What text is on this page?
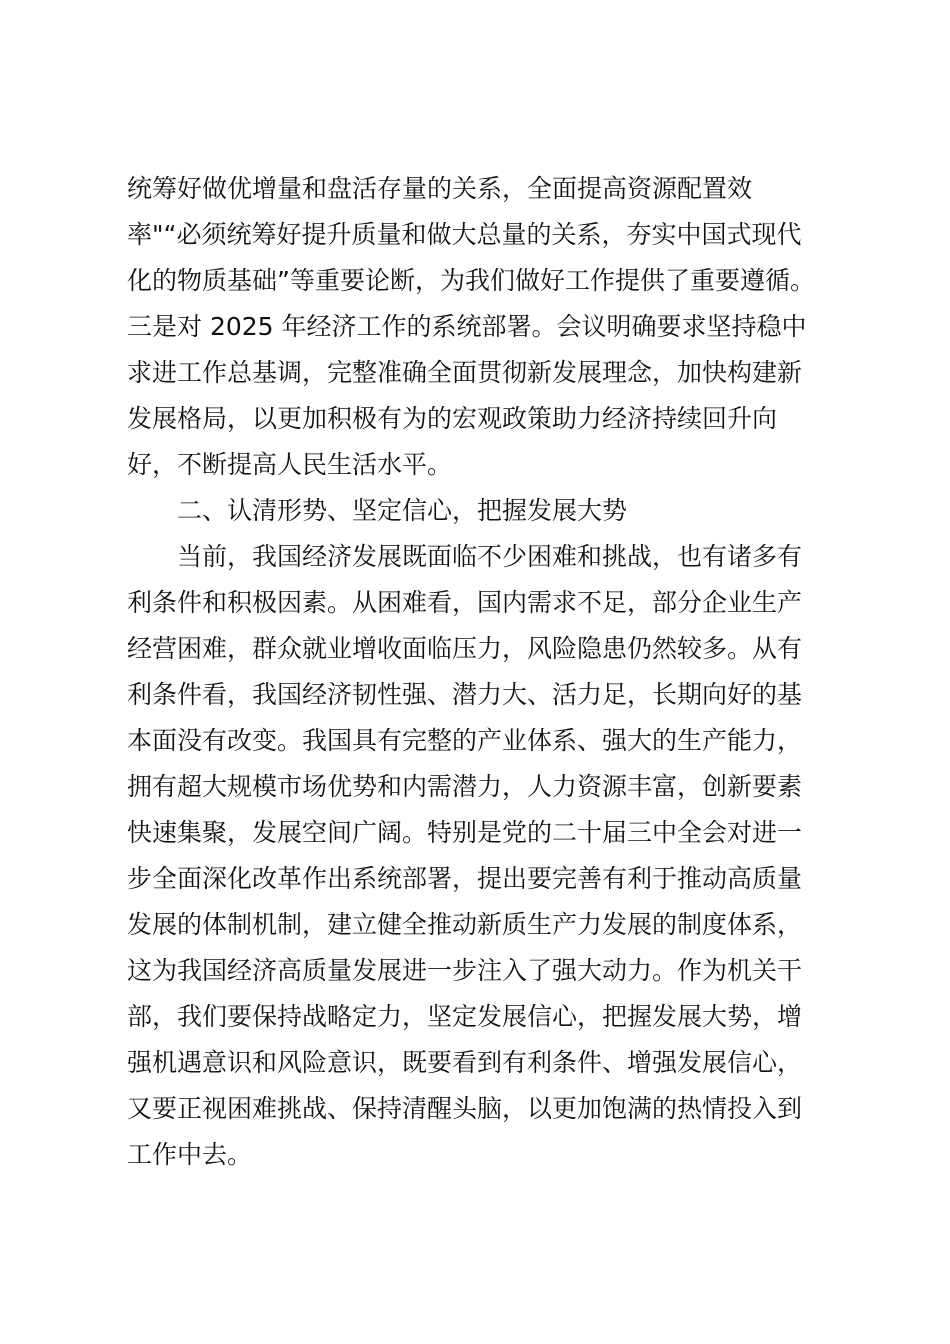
统筹好做优增量和盘活存量的关系，全面提高资源配置效
率"“必须统筹好提升质量和做大总量的关系，夯实中国式现代
化的物质基础”等重要论断，为我们做好工作提供了重要遵循。
三是对 2025 年经济工作的系统部署。会议明确要求坚持稳中
求进工作总基调，完整准确全面贯彻新发展理念，加快构建新
发展格局，以更加积极有为的宏观政策助力经济持续回升向
好，不断提高人民生活水平。
二、认清形势、坚定信心，把握发展大势
当前，我国经济发展既面临不少困难和挑战，也有诸多有
利条件和积极因素。从困难看，国内需求不足，部分企业生产
经营困难，群众就业增收面临压力，风险隐患仍然较多。从有
利条件看，我国经济韧性强、潜力大、活力足，长期向好的基
本面没有改变。我国具有完整的产业体系、强大的生产能力，
拥有超大规模市场优势和内需潜力，人力资源丰富，创新要素
快速集聚，发展空间广阔。特别是党的二十届三中全会对进一
步全面深化改革作出系统部署，提出要完善有利于推动高质量
发展的体制机制，建立健全推动新质生产力发展的制度体系，
这为我国经济高质量发展进一步注入了强大动力。作为机关干
部，我们要保持战略定力，坚定发展信心，把握发展大势，增
强机遇意识和风险意识，既要看到有利条件、增强发展信心，
又要正视困难挑战、保持清醒头脑，以更加饱满的热情投入到
工作中去。
